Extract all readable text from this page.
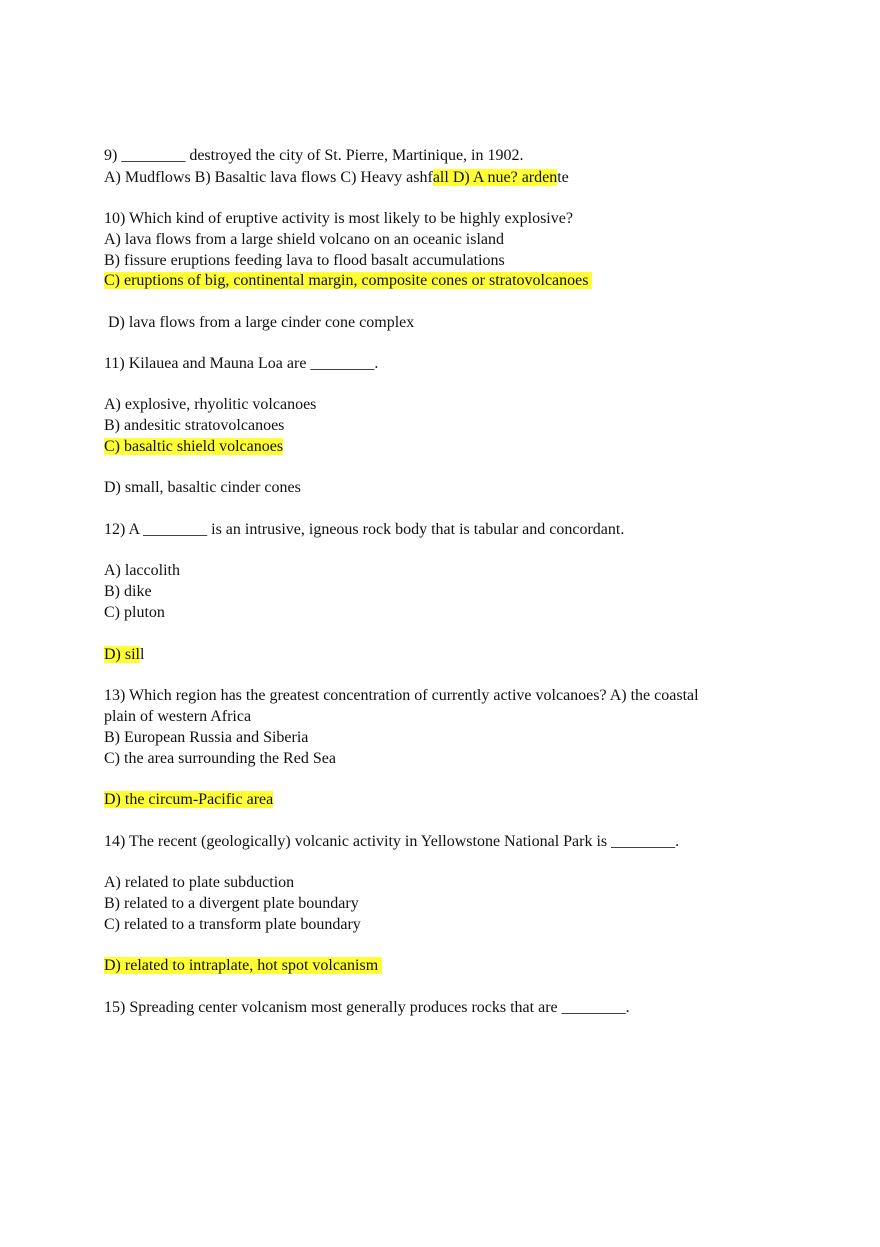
9) ________ destroyed the city of St. Pierre, Martinique, in 1902.
A) Mudflows B) Basaltic lava flows C) Heavy ashfall D) A nue? ardente
10) Which kind of eruptive activity is most likely to be highly explosive?
A) lava flows from a large shield volcano on an oceanic island
B) fissure eruptions feeding lava to flood basalt accumulations
C) eruptions of big, continental margin, composite cones or stratovolcanoes
D) lava flows from a large cinder cone complex
11) Kilauea and Mauna Loa are ________.
A) explosive, rhyolitic volcanoes
B) andesitic stratovolcanoes
C) basaltic shield volcanoes
D) small, basaltic cinder cones
12) A ________ is an intrusive, igneous rock body that is tabular and concordant.
A) laccolith
B) dike
C) pluton
D) sill
13) Which region has the greatest concentration of currently active volcanoes? A) the coastal
plain of western Africa
B) European Russia and Siberia
C) the area surrounding the Red Sea
D) the circum-Pacific area
14) The recent (geologically) volcanic activity in Yellowstone National Park is ________.
A) related to plate subduction
B) related to a divergent plate boundary
C) related to a transform plate boundary
D) related to intraplate, hot spot volcanism
15) Spreading center volcanism most generally produces rocks that are ________.
